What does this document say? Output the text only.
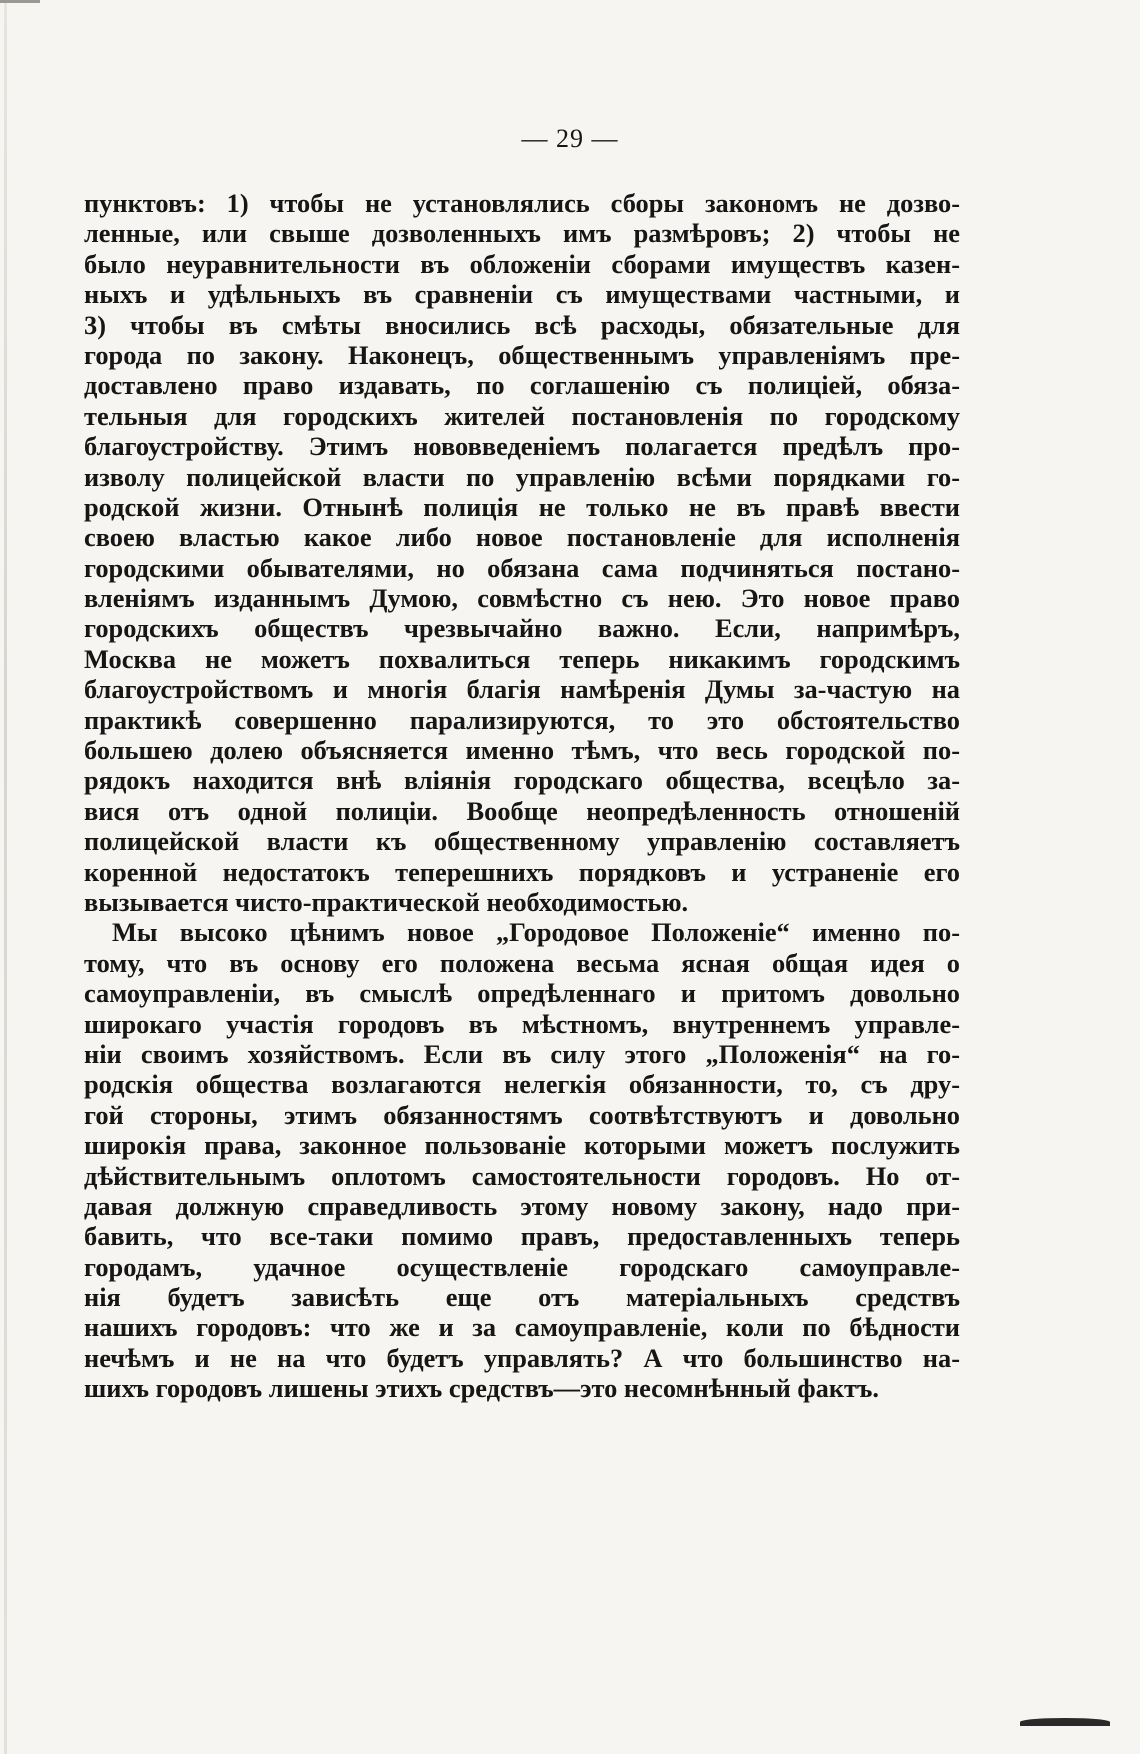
— 29 —
пунктовъ: 1) чтобы не установлялись сборы закономъ не дозво-
ленные, или свыше дозволенныхъ имъ размѣровъ; 2) чтобы не
было неуравнительности въ обложеніи сборами имуществъ казен-
ныхъ и удѣльныхъ въ сравненіи съ имуществами частными, и
3) чтобы въ смѣты вносились всѣ расходы, обязательные для
города по закону. Наконецъ, общественнымъ управленіямъ пре-
доставлено право издавать, по соглашенію съ полиціей, обяза-
тельныя для городскихъ жителей постановленія по городскому
благоустройству. Этимъ нововведеніемъ полагается предѣлъ про-
изволу полицейской власти по управленію всѣми порядками го-
родской жизни. Отнынѣ полиція не только не въ правѣ ввести
своею властью какое либо новое постановленіе для исполненія
городскими обывателями, но обязана сама подчиняться постано-
вленіямъ изданнымъ Думою, совмѣстно съ нею. Это новое право
городскихъ обществъ чрезвычайно важно. Если, напримѣръ,
Москва не можетъ похвалиться теперь никакимъ городскимъ
благоустройствомъ и многія благія намѣренія Думы за-частую на
практикѣ совершенно парализируются, то это обстоятельство
большею долею объясняется именно тѣмъ, что весь городской по-
рядокъ находится внѣ вліянія городскаго общества, всецѣло за-
виcя отъ одной полиціи. Вообще неопредѣленность отношеній
полицейской власти къ общественному управленію составляетъ
коренной недостатокъ теперешнихъ порядковъ и устраненіе его
вызывается чисто-практической необходимостью.
Мы высоко цѣнимъ новое „Городовое Положеніе“ именно по-
тому, что въ основу его положена весьма ясная общая идея о
самоуправленіи, въ смыслѣ опредѣленнаго и притомъ довольно
широкаго участія городовъ въ мѣстномъ, внутреннемъ управле-
ніи своимъ хозяйствомъ. Если въ силу этого „Положенія“ на го-
родскія общества возлагаются нелегкія обязанности, то, съ дру-
гой стороны, этимъ обязанностямъ соотвѣтствуютъ и довольно
широкія права, законное пользованіе которыми можетъ послужить
дѣйствительнымъ оплотомъ самостоятельности городовъ. Но от-
давая должную справедливость этому новому закону, надо при-
бавить, что все-таки помимо правъ, предоставленныхъ теперь
городамъ, удачное осуществленіе городскаго самоуправле-
нія будетъ зависѣть еще отъ матеріальныхъ средствъ
нашихъ городовъ: что же и за самоуправленіе, коли по бѣдности
нечѣмъ и не на что будетъ управлять? А что большинство на-
шихъ городовъ лишены этихъ средствъ—это несомнѣнный фактъ.
